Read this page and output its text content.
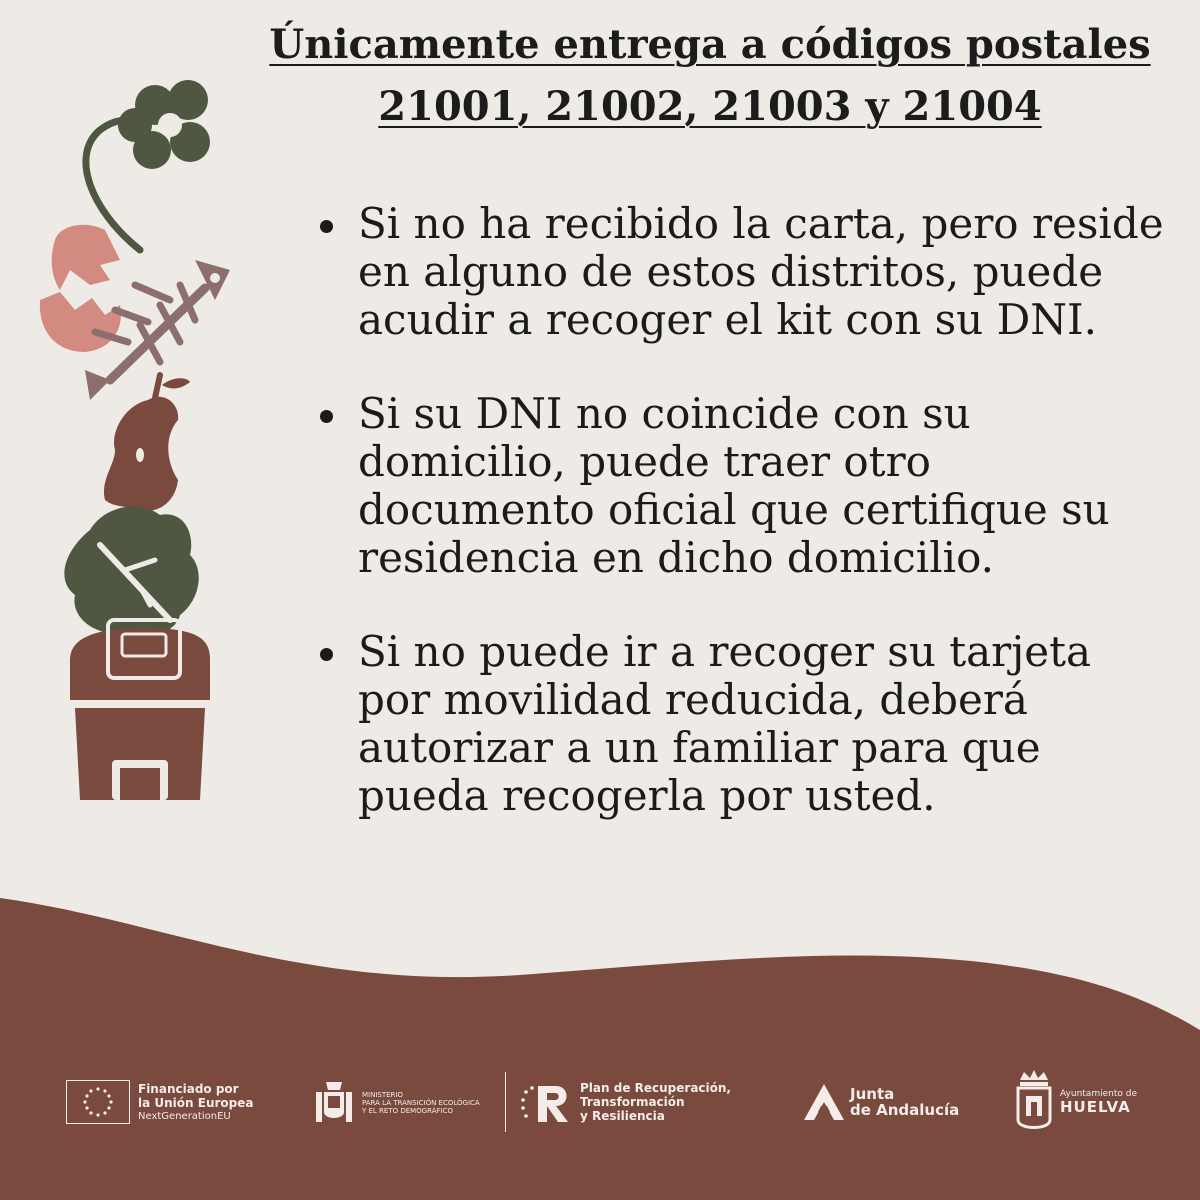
Únicamente entrega a códigos postales
21001, 21002, 21003 y 21004
Si no ha recibido la carta, pero reside en alguno de estos distritos, puede acudir a recoger el kit con su DNI.
Si su DNI no coincide con su domicilio, puede traer otro documento oficial que certifique su residencia en dicho domicilio.
Si no puede ir a recoger su tarjeta por movilidad reducida, deberá autorizar a un familiar para que pueda recogerla por usted.
Financiado por
la Unión Europea
NextGenerationEU
MINISTERIO
PARA LA TRANSICIÓN ECOLÓGICA
Y EL RETO DEMOGRÁFICO
Plan de Recuperación,
Transformación
y Resiliencia
Junta
de Andalucía
Ayuntamiento de
HUELVA
